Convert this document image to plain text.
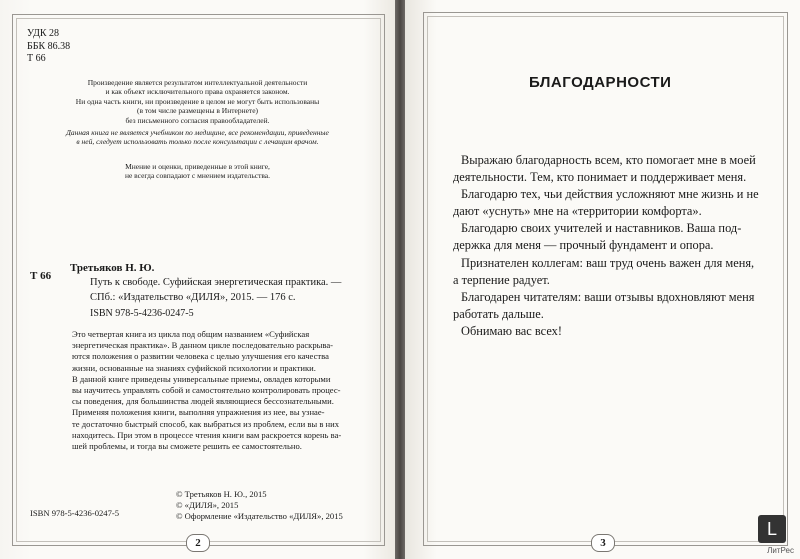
УДК 28
ББК 86.38
Т 66
Произведение является результатом интеллектуальной деятельности
и как объект исключительного права охраняется законом.
Ни одна часть книги, ни произведение в целом не могут быть использованы
(в том числе размещены в Интернете)
без письменного согласия правообладателей.
Данная книга не является учебником по медицине, все рекомендации, приведенные
в ней, следует использовать только после консультации с лечащим врачом.
Мнение и оценки, приведенные в этой книге,
не всегда совпадают с мнением издательства.
Т 66
Третьяков Н. Ю.
Путь к свободе. Суфийская энергетическая практика. —
СПб.: «Издательство «ДИЛЯ», 2015. — 176 с.
ISBN 978-5-4236-0247-5
Это четвертая книга из цикла под общим названием «Суфийская
энергетическая практика». В данном цикле последовательно раскрыва-
ются положения о развитии человека с целью улучшения его качества
жизни, основанные на знаниях суфийской психологии и практики.
В данной книге приведены универсальные приемы, овладев которыми
вы научитесь управлять собой и самостоятельно контролировать процес-
сы поведения, для большинства людей являющиеся бессознательными.
Применяя положения книги, выполняя упражнения из нее, вы узнае-
те достаточно быстрый способ, как выбраться из проблем, если вы в них
находитесь. При этом в процессе чтения книги вам раскроется корень ва-
шей проблемы, и тогда вы сможете решить ее самостоятельно.
ISBN 978-5-4236-0247-5
© Третьяков Н. Ю., 2015
© «ДИЛЯ», 2015
© Оформление «Издательство «ДИЛЯ», 2015
2
БЛАГОДАРНОСТИ
Выражаю благодарность всем, кто помогает мне в моей
деятельности. Тем, кто понимает и поддерживает меня.
Благодарю тех, чьи действия усложняют мне жизнь и не
дают «уснуть» мне на «территории комфорта».
Благодарю своих учителей и наставников. Ваша под-
держка для меня — прочный фундамент и опора.
Признателен коллегам: ваш труд очень важен для меня,
а терпение радует.
Благодарен читателям: ваши отзывы вдохновляют меня
работать дальше.
Обнимаю вас всех!
3
L
ЛитРес
